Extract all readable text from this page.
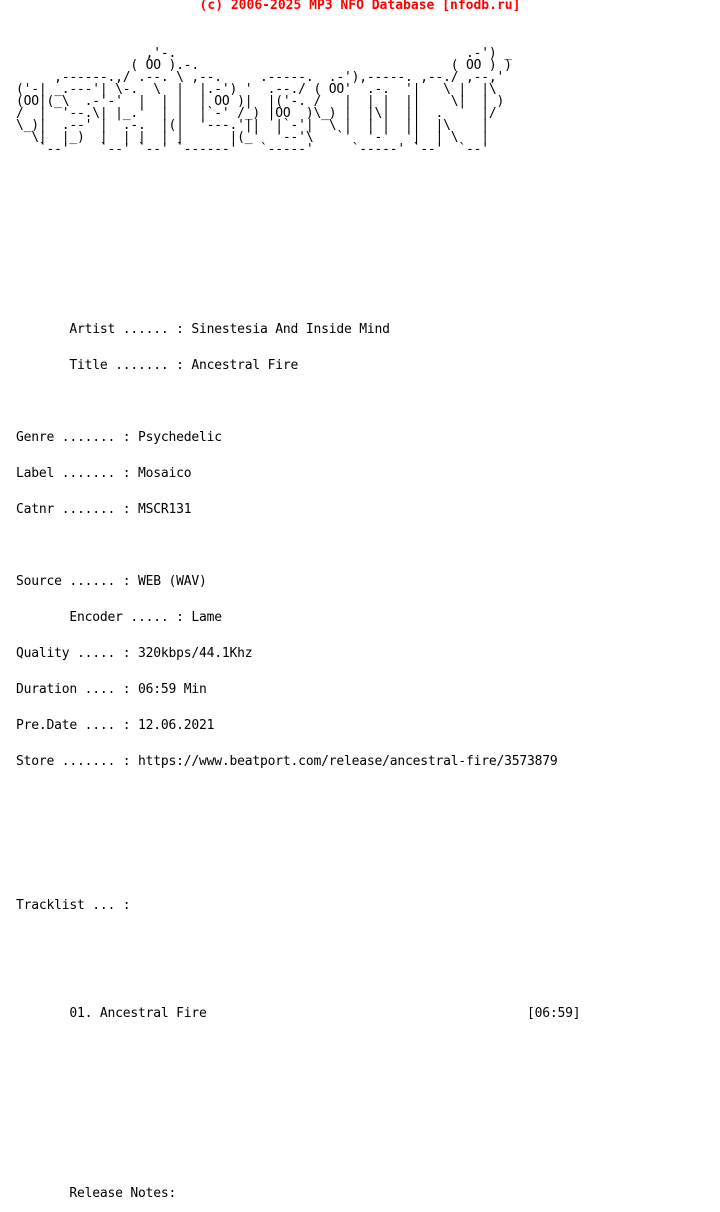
(c) 2006-2025 MP3 NFO Database [nfodb.ru]

,'-.                                      .-') _
( OO ).-.                                 ( OO ) )
,------.,/ .--. \ ,--.     .-----.  .-'),-----. ,--./ ,--,'
('-| _.---'| \-.  \  |  |.-') '  .--./ ( OO'  .-.  '|   \ |  |\
(OO|(_\  .-'-'  |  | |  | OO )|  |('-. /   |  | |  ||    \|  | )
/  |  '--.\| |_.'  | |  |`-' /_) |OO  )\_) |  |\|  ||  .     |/
\_)|  .--' |  .-.  |(|  '---.'||  |`-'|  \ |  | |  ||  |\    |
\|  |_)  |  | |  | |      |(_'  '--'\   `'  '-'  '|  | \   |
`--'    `--' `--' `------'   `-----'     `-----' `--'  `--'

Artist ...... : Sinestesia And Inside Mind

Title ....... : Ancestral Fire

Genre ....... : Psychedelic

Label ....... : Mosaico

Catnr ....... : MSCR131

Source ...... : WEB (WAV)

Encoder ..... : Lame

Quality ..... : 320kbps/44.1Khz

Duration .... : 06:59 Min

Pre.Date .... : 12.06.2021

Store ....... : https://www.beatport.com/release/ancestral-fire/3573879

Tracklist ... :

01. Ancestral Fire                                          [06:59]

Release Notes:
